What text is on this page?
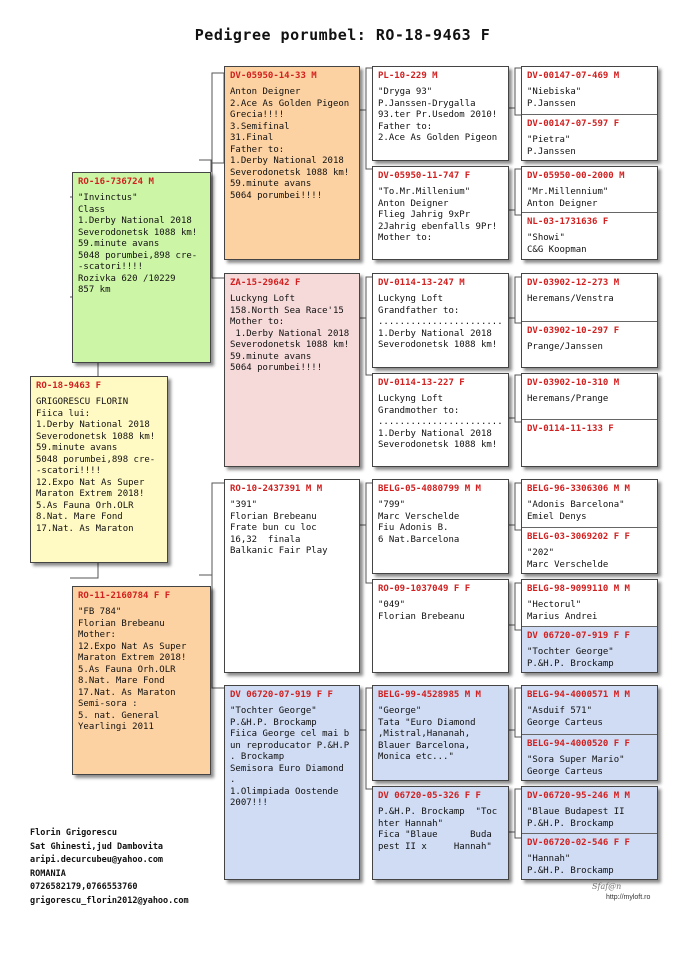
Pedigree porumbel: RO-18-9463 F
RO-18-9463 F
GRIGORESCU FLORIN
Fiica lui:
1.Derby National 2018
Severodonetsk 1088 km!
59.minute avans
5048 porumbei,898 cre-
-scatori!!!!
12.Expo Nat As Super
Maraton Extrem 2018!
5.As Fauna Orh.OLR
8.Nat. Mare Fond
17.Nat. As Maraton
RO-16-736724 M
"Invinctus"
Class
1.Derby National 2018
Severodonetsk 1088 km!
59.minute avans
5048 porumbei,898 cre-
-scatori!!!!
Rozivka 620 /10229
857 km
RO-11-2160784 F F
"FB 784"
Florian Brebeanu
Mother:
12.Expo Nat As Super
Maraton Extrem 2018!
5.As Fauna Orh.OLR
8.Nat. Mare Fond
17.Nat. As Maraton
Semi-sora :
5. nat. General
Yearlingi 2011
DV-05950-14-33 M
Anton Deigner
2.Ace As Golden Pigeon
Grecia!!!!
3.Semifinal
31.Final
Father to:
1.Derby National 2018
Severodonetsk 1088 km!
59.minute avans
5064 porumbei!!!!
ZA-15-29642 F
Luckyng Loft
158.North Sea Race'15
Mother to:
1.Derby National 2018
Severodonetsk 1088 km!
59.minute avans
5064 porumbei!!!!
RO-10-2437391 M M
"391"
Florian Brebeanu
Frate bun cu loc
16,32  finala
Balkanic Fair Play
DV 06720-07-919 F F
"Tochter George"
P.&H.P. Brockamp
Fiica George cel mai b
un reproducator P.&H.P
. Brockamp
Semisora Euro Diamond
.
1.Olimpiada Oostende
2007!!!
PL-10-229 M
"Dryga 93"
P.Janssen-Drygalla
93.ter Pr.Usedom 2010!
Father to:
2.Ace As Golden Pigeon
DV-05950-11-747 F
"To.Mr.Millenium"
Anton Deigner
Flieg Jahrig 9xPr
2Jahrig ebenfalls 9Pr!
Mother to:
DV-0114-13-247 M
Luckyng Loft
Grandfather to:
.......................
1.Derby National 2018
Severodonetsk 1088 km!
DV-0114-13-227 F
Luckyng Loft
Grandmother to:
.......................
1.Derby National 2018
Severodonetsk 1088 km!
BELG-05-4080799 M M
"799"
Marc Verschelde
Fiu Adonis B.
6 Nat.Barcelona
RO-09-1037049 F F
"049"
Florian Brebeanu
BELG-99-4528985 M M
"George"
Tata "Euro Diamond
,Mistral,Hananah,
Blauer Barcelona,
Monica etc..."
DV 06720-05-326 F F
P.&H.P. Brockamp  "Toc
hter Hannah"
Fica "Blaue      Buda
pest II x     Hannah"
DV-00147-07-469 M
"Niebiska"
P.Janssen
DV-00147-07-597 F
"Pietra"
P.Janssen
DV-05950-00-2000 M
"Mr.Millennium"
Anton Deigner
NL-03-1731636 F
"Showi"
C&G Koopman
DV-03902-12-273 M
Heremans/Venstra
DV-03902-10-297 F
Prange/Janssen
DV-03902-10-310 M
Heremans/Prange
DV-0114-11-133 F
BELG-96-3306306 M M
"Adonis Barcelona"
Emiel Denys
BELG-03-3069202 F F
"202"
Marc Verschelde
BELG-98-9099110 M M
"Hectorul"
Marius Andrei
DV 06720-07-919 F F
"Tochter George"
P.&H.P. Brockamp
BELG-94-4000571 M M
"Asduif 571"
George Carteus
BELG-94-4000520 F F
"Sora Super Mario"
George Carteus
DV-06720-95-246 M M
"Blaue Budapest II
P.&H.P. Brockamp
DV-06720-02-546 F F
"Hannah"
P.&H.P. Brockamp
Florin Grigorescu
Sat Ghinesti,jud Dambovita
aripi.decurcubeu@yahoo.com
ROMANIA
0726582179,0766553760
grigorescu_florin2012@yahoo.com
Sfaf@n
http://myloft.ro
